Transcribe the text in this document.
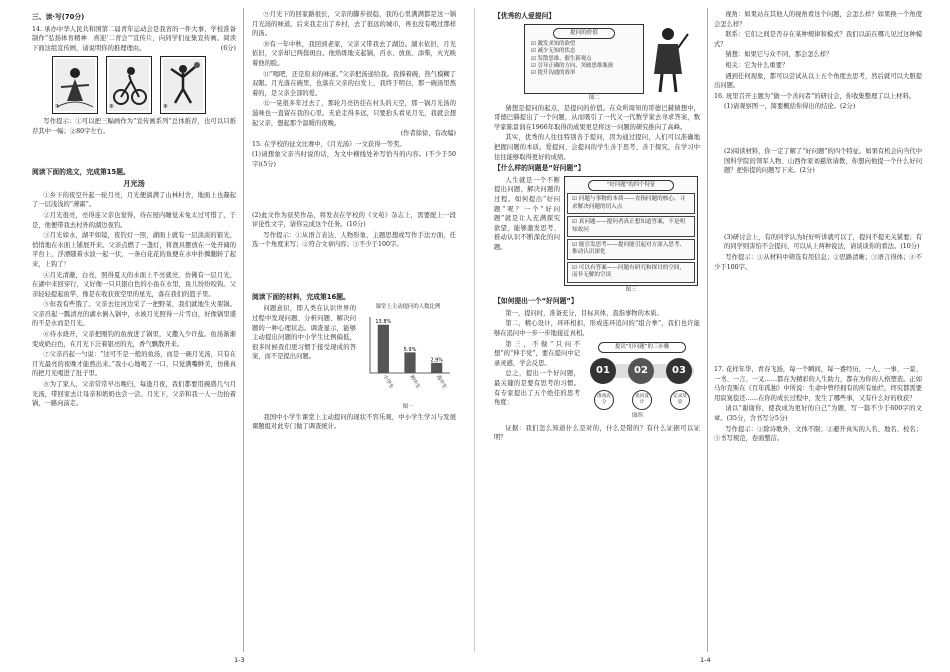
三、读·写(70分)

14. 承办中华人民共和国第二届青年运动会是我省的一件大事，学校准备制作“弘扬体育精神　喜迎‘二青会’”宣传片，向同学们征集宣传画。阅读下面这组宣传画，请说明你的推理理由。	(6分)

①	②	③

写作提示：①可以把三幅画作为“宣传画系列”总体推荐，也可以只推荐其中一幅；②80字左右。

阅读下面的选文，完成第15题。
月光汤

①乡下的夜空升起一轮月亮，月光便淌满了山林村舍，地面上也凝起了一层浅浅的“薄霜”。

②月光很亮，亮得连父亲也觉得，待在屋内睡觉未免太过可惜了，于是，他便带我去村外的湖边夜钓。

③月光如水，湖平如镜，夜钓灯一照，湖面上就有一层淡淡的银光，悄悄地在水面上铺展开来。父亲点燃了一盏灯，将渔具摆放在一处开阔的平台上，浮漂随着水波一起一伏，一条白花花的鱼便在水中扑腾翻转了起来，上钩了！

④月光清澈，白亮，照得夏天的水面上不亮就亮，仿佛有一层月光，在湖中来回穿行，又好像一只只银白色的小鱼在水里，鱼儿纷纷咬钩。父亲轻轻提起鱼竿，像是在收获夜空里的星光，落在我们的篮子里。

⑤但我有些饿了。父亲去往河边采了一把野菜，我们就地生火架锅。父亲舀起一瓢清亮的湖水倒入锅中，水被月光照得一片雪白，好像锅里盛的不是水而是月光。

⑥待水烧开，父亲把刚钓的鱼放进了锅里，又撒入少许盐。鱼汤渐渐变成奶白色，在月光下泛着银亮的光，香气飘散开来。

⑦父亲舀起一勺说：“这可不是一般的鱼汤，而是一碗月光汤，只有在月光最亮的夜晚才能熬出来。”我小心地喝了一口，只觉满嘴鲜美，仿佛真的把月光喝进了肚子里。

⑧为了家人，父亲常常早出晚归，每逢月夜，我们都要用碗盛几勺月光汤，带回家去让母亲和奶奶也尝一尝。月光下，父亲和我一人一边抬着锅，一路向前走。

⑨月光下的回家路很长，父亲的脚步很稳，我的心里满满都是这一锅月光汤的味道。后来我走出了乡村，去了很远的城市，再也没有喝过那样的汤。

⑩有一年中秋，我回到老家，父亲又带我去了湖边。湖水依旧，月光依旧，父亲却已两鬓斑白。他熟练地支起锅，舀水、放鱼、添柴，火光映着他的脸。

⑪“喝吧，还是原来的味道。”父亲把汤递给我。我捧着碗，热气模糊了双眼。月光落在碗里，也落在父亲的白发上，我终于明白，那一碗汤里熬着的，是父亲全部的爱。

⑫一晃很多年过去了，那轮月亮仍挂在村头的天空，那一锅月光汤的滋味也一直留在我的心里。无论走得多远，只要抬头看见月光，我就会想起父亲，想起那个温暖的夜晚。

(作者徐徐，有改编)

15. 在学校的征文比赛中，《月光汤》一文获得一等奖。

(1)请想象父亲当时说的话，为文中横线处补写恰当的内容。(不少于50字)(5分)

(2)此文作为获奖作品，将发表在学校的《文苑》杂志上，需要配上一段评论性文字，请你完成这个任务。(10分)

写作提示：①从语言表达、人物形象、主题思想或写作手法方面，任选一个角度来写；②符合文章内容；③不少于100字。

阅读下面的材料，完成第16题。

问题意识，即人类在认识世界的过程中发现问题、分析问题、解决问题的一种心理状态。调查显示，能够主动提出问题的中小学生比例偏低，很多时候我们更习惯于接受现成的答案，而不是提出问题。

课堂上主动提问的人数比例
13.8%
小学生
5.9%
初中生
2.9%
高中生
图一

我国中小学生课堂上主动提问的现状不容乐观，中小学生学习与发展课题组对此专门做了调查统计。

1-3
【优秀的人爱提问】
提问的价值
☑ 激发求知的欲望
☑ 减少无知的状态
☑ 发散思维、催生新观点
☑ 引导正确的方向、突破思维瓶颈
☑ 提升沟通的效率
图二

猜想是提问的起点，是提问的价值。在众所周知的哥德巴赫猜想中，哥德巴赫提出了一个问题，从而吸引了一代又一代数学家去寻求答案，数学家陈景润在1966年取得的成果更是将这一问题的研究推向了高峰。

其实，优秀的人往往特别善于提问，因为通过提问，人们可以准确地把握问题的本质。爱提问、会提问的学生善于思考、善于探究，在学习中往往能够取得更好的成绩。

【什么样的问题是“好问题”】

人生就是一个不断提出问题、解决问题的过程。如何提出“好问题”呢？一个“好问题”就是让人充满探究欲望，能够激发思考、推动认识不断深化的问题。

“好问题”的四个特征
☑ 问题与事物的本质——直指问题的核心、寻求解决问题的切入点
☑ 真问题——提问者真正想知道答案，不是明知故问
☑ 能引发思考——提问能引起对方深入思考、推动认识深化
☑ 可以有答案——问题有研究和探讨的空间，而非无解的空谈
图三
【如何提出一个“好问题”】

第一，提问时，准备充分，目标具体，直指事物的本质。

第二，精心设计，环环相扣，形成连环追问的“组合拳”，我们也许能够在追问中一步一步地接近真相。

第三，不做“只问不想”的“伸手党”，要在提问中记录灵感，学会反思。

总之，提出一个好问题，最关键的是要有思考的习惯。有专家提出了五个绝佳的思考角度：

提出“好问题”的三步骤
01	02	03
准备充分
追问设计
记录反思
图四

证据：我们怎么知道什么是对的，什么是错的？有什么证据可以证明？

视角：如果站在其他人的视角看这个问题，会怎么样？如果换一个角度会怎么样？

联系：它们之间是否存在某种规律和模式？我们以前在哪儿见过这种模式？

猜想：如果它与众不同，那会怎么样？

相关：它为什么重要？

遇到任何现象，都可以尝试从以上五个角度去思考，然后就可以大胆提出问题。

16. 班里召开主题为“做一个善问者”的研讨会，你收集整理了以上材料。

(1)请观察图一，简要概括你得出的结论。(2分)

(2)阅读材料，你一定了解了“好问题”的四个特征。如果有机会向当代中国科学院的领军人物、山西作家刘慈欣请教，你想向他提一个什么好问题？把你提的问题写下来。(2分)

(3)研讨会上，有的同学认为好好听讲就可以了，提问不提无关紧要；有的同学则害怕不会提问，可以从上两种说法，请谈谈你的看法。(10分)

写作提示：①从材料中筛选有用信息；②思路清晰；③语言得体；④不少于100字。

17. 花样年华，青春飞扬，每一个瞬间，每一番经历，一人、一事、一景、一书、一言、一叉……都在为精彩的人生助力，都在为你的人格塑造。正如马尔克斯在《百年孤独》中所说：生命中曾经拥有的所有灿烂，终究都需要用寂寞偿还……在你的成长过程中，发生了哪些事，又有什么好的收获？

请以“谢谢你，使我成为更好的自己”为题，写一篇不少于600字的文章。(35分，含书写分5分)

写作提示：①除诗歌外，文体不限；②避开真实的人名、地名、校名；③书写规范，卷面整洁。

1-4
